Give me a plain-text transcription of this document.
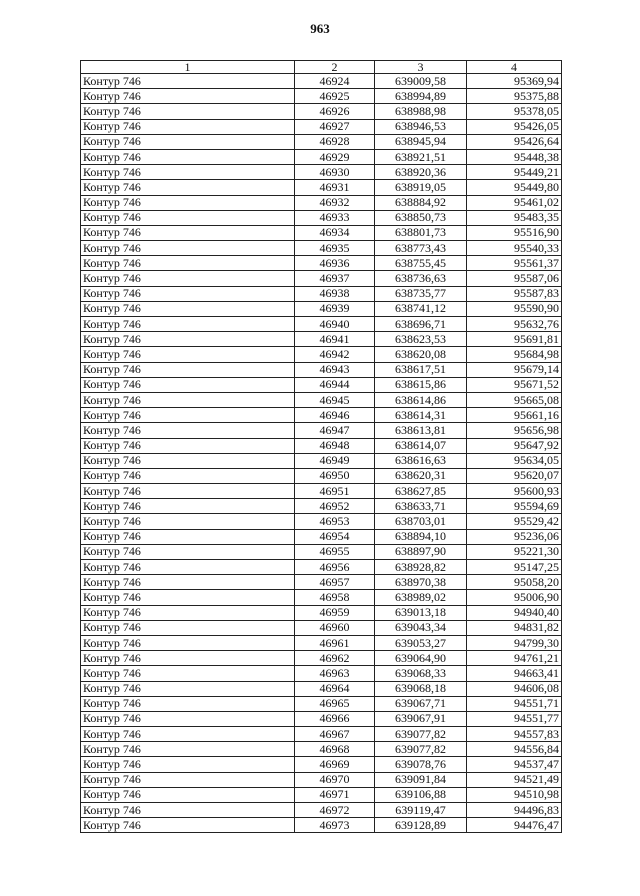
963
1	2	3	4
Контур 746	46924	639009,58	95369,94
Контур 746	46925	638994,89	95375,88
Контур 746	46926	638988,98	95378,05
Контур 746	46927	638946,53	95426,05
Контур 746	46928	638945,94	95426,64
Контур 746	46929	638921,51	95448,38
Контур 746	46930	638920,36	95449,21
Контур 746	46931	638919,05	95449,80
Контур 746	46932	638884,92	95461,02
Контур 746	46933	638850,73	95483,35
Контур 746	46934	638801,73	95516,90
Контур 746	46935	638773,43	95540,33
Контур 746	46936	638755,45	95561,37
Контур 746	46937	638736,63	95587,06
Контур 746	46938	638735,77	95587,83
Контур 746	46939	638741,12	95590,90
Контур 746	46940	638696,71	95632,76
Контур 746	46941	638623,53	95691,81
Контур 746	46942	638620,08	95684,98
Контур 746	46943	638617,51	95679,14
Контур 746	46944	638615,86	95671,52
Контур 746	46945	638614,86	95665,08
Контур 746	46946	638614,31	95661,16
Контур 746	46947	638613,81	95656,98
Контур 746	46948	638614,07	95647,92
Контур 746	46949	638616,63	95634,05
Контур 746	46950	638620,31	95620,07
Контур 746	46951	638627,85	95600,93
Контур 746	46952	638633,71	95594,69
Контур 746	46953	638703,01	95529,42
Контур 746	46954	638894,10	95236,06
Контур 746	46955	638897,90	95221,30
Контур 746	46956	638928,82	95147,25
Контур 746	46957	638970,38	95058,20
Контур 746	46958	638989,02	95006,90
Контур 746	46959	639013,18	94940,40
Контур 746	46960	639043,34	94831,82
Контур 746	46961	639053,27	94799,30
Контур 746	46962	639064,90	94761,21
Контур 746	46963	639068,33	94663,41
Контур 746	46964	639068,18	94606,08
Контур 746	46965	639067,71	94551,71
Контур 746	46966	639067,91	94551,77
Контур 746	46967	639077,82	94557,83
Контур 746	46968	639077,82	94556,84
Контур 746	46969	639078,76	94537,47
Контур 746	46970	639091,84	94521,49
Контур 746	46971	639106,88	94510,98
Контур 746	46972	639119,47	94496,83
Контур 746	46973	639128,89	94476,47
